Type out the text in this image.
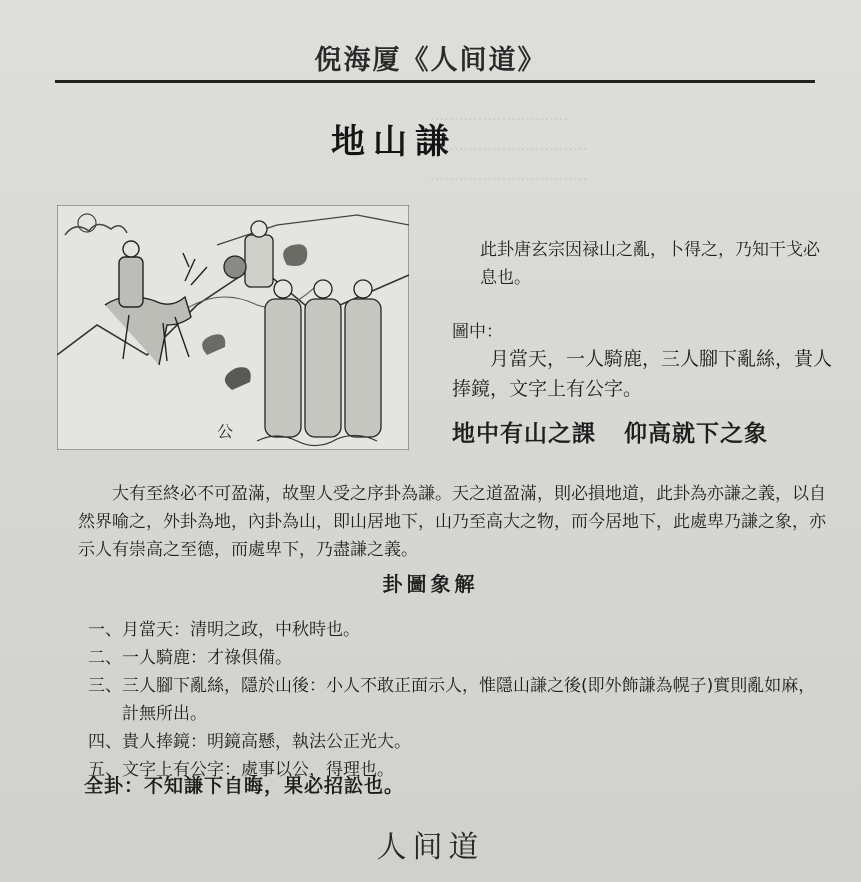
·····························
·································
·································
倪海厦《人间道》
地山謙
公
此卦唐玄宗因禄山之亂，卜得之，乃知干戈必息也。
圖中：
月當天，一人騎鹿，三人腳下亂絲，貴人捧鏡，文字上有公字。
地中有山之課 仰高就下之象

大有至終必不可盈滿，故聖人受之序卦為謙。天之道盈滿，則必損地道，此卦為亦謙之義，以自然界喻之，外卦為地，內卦為山，即山居地下，山乃至高大之物，而今居地下，此處卑乃謙之象，亦示人有崇高之至德，而處卑下，乃盡謙之義。

卦圖象解
一、 月當天：清明之政，中秋時也。
二、 一人騎鹿：才祿俱備。
三、 三人腳下亂絲，隱於山後：小人不敢正面示人，惟隱山謙之後(即外飾謙為幌子)實則亂如麻，計無所出。
四、 貴人捧鏡：明鏡高懸，執法公正光大。
五、 文字上有公字：處事以公，得理也。
全卦：不知謙下自晦，果必招訟也。
人间道
